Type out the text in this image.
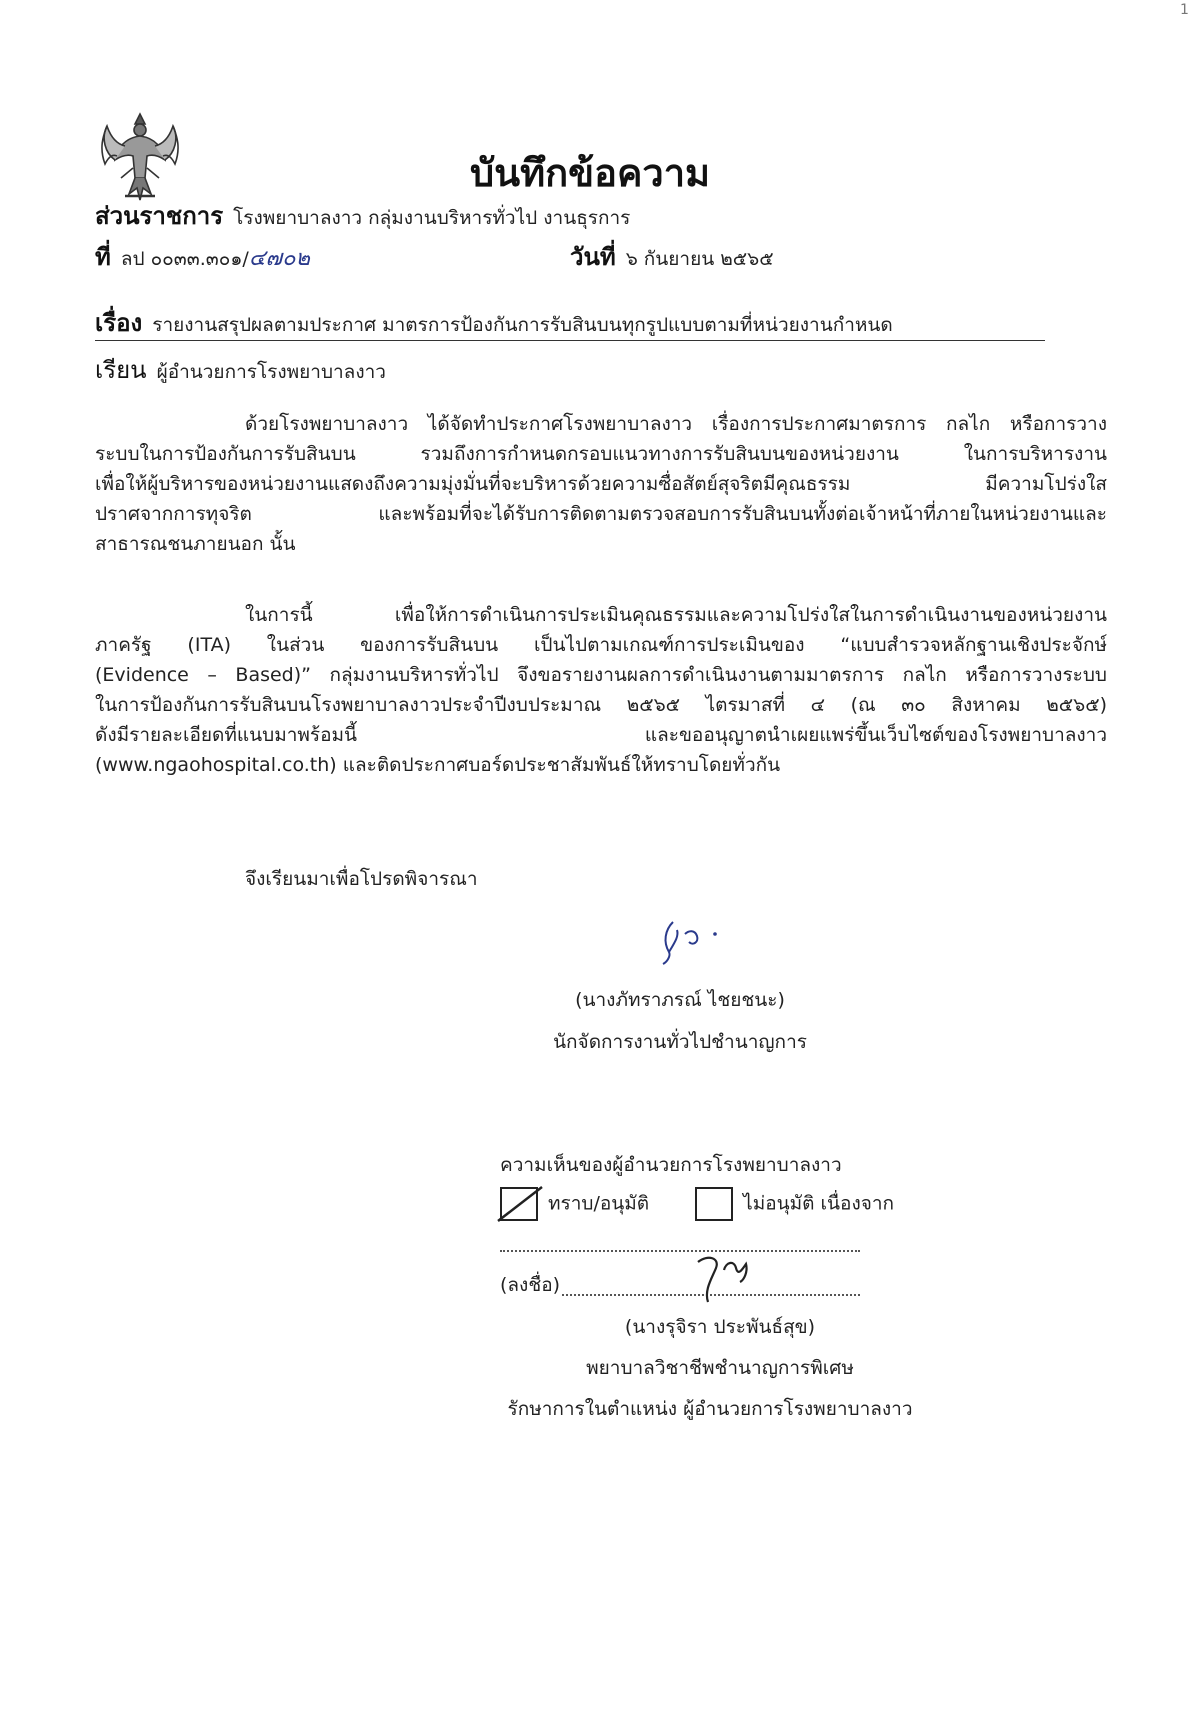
1
บันทึกข้อความ
ส่วนราชการ โรงพยาบาลงาว กลุ่มงานบริหารทั่วไป งานธุรการ
ที่ ลป ๐๐๓๓.๓๐๑/๔๗๐๒	วันที่ ๖ กันยายน ๒๕๖๕
เรื่อง รายงานสรุปผลตามประกาศ มาตรการป้องกันการรับสินบนทุกรูปแบบตามที่หน่วยงานกำหนด
เรียน ผู้อำนวยการโรงพยาบาลงาว
ด้วยโรงพยาบาลงาว ได้จัดทำประกาศโรงพยาบาลงาว เรื่องการประกาศมาตรการ กลไก หรือการวาง
ระบบในการป้องกันการรับสินบน รวมถึงการกำหนดกรอบแนวทางการรับสินบนของหน่วยงาน ในการบริหารงาน
เพื่อให้ผู้บริหารของหน่วยงานแสดงถึงความมุ่งมั่นที่จะบริหารด้วยความซื่อสัตย์สุจริตมีคุณธรรม มีความโปร่งใส
ปราศจากการทุจริต และพร้อมที่จะได้รับการติดตามตรวจสอบการรับสินบนทั้งต่อเจ้าหน้าที่ภายในหน่วยงานและ
สาธารณชนภายนอก นั้น
ในการนี้ เพื่อให้การดำเนินการประเมินคุณธรรมและความโปร่งใสในการดำเนินงานของหน่วยงาน
ภาครัฐ (ITA) ในส่วน ของการรับสินบน เป็นไปตามเกณฑ์การประเมินของ “แบบสำรวจหลักฐานเชิงประจักษ์
(Evidence – Based)” กลุ่มงานบริหารทั่วไป จึงขอรายงานผลการดำเนินงานตามมาตรการ กลไก หรือการวางระบบ
ในการป้องกันการรับสินบนโรงพยาบาลงาวประจำปีงบประมาณ ๒๕๖๕ ไตรมาสที่ ๔ (ณ ๓๐ สิงหาคม ๒๕๖๕)
ดังมีรายละเอียดที่แนบมาพร้อมนี้ และขออนุญาตนำเผยแพร่ขึ้นเว็บไซต์ของโรงพยาบาลงาว
(www.ngaohospital.co.th) และติดประกาศบอร์ดประชาสัมพันธ์ให้ทราบโดยทั่วกัน
จึงเรียนมาเพื่อโปรดพิจารณา
(นางภัทราภรณ์ ไชยชนะ)
นักจัดการงานทั่วไปชำนาญการ
ความเห็นของผู้อำนวยการโรงพยาบาลงาว
ทราบ/อนุมัติ	ไม่อนุมัติ เนื่องจาก
(ลงชื่อ)
(นางรุจิรา ประพันธ์สุข)
พยาบาลวิชาชีพชำนาญการพิเศษ
รักษาการในตำแหน่ง ผู้อำนวยการโรงพยาบาลงาว
